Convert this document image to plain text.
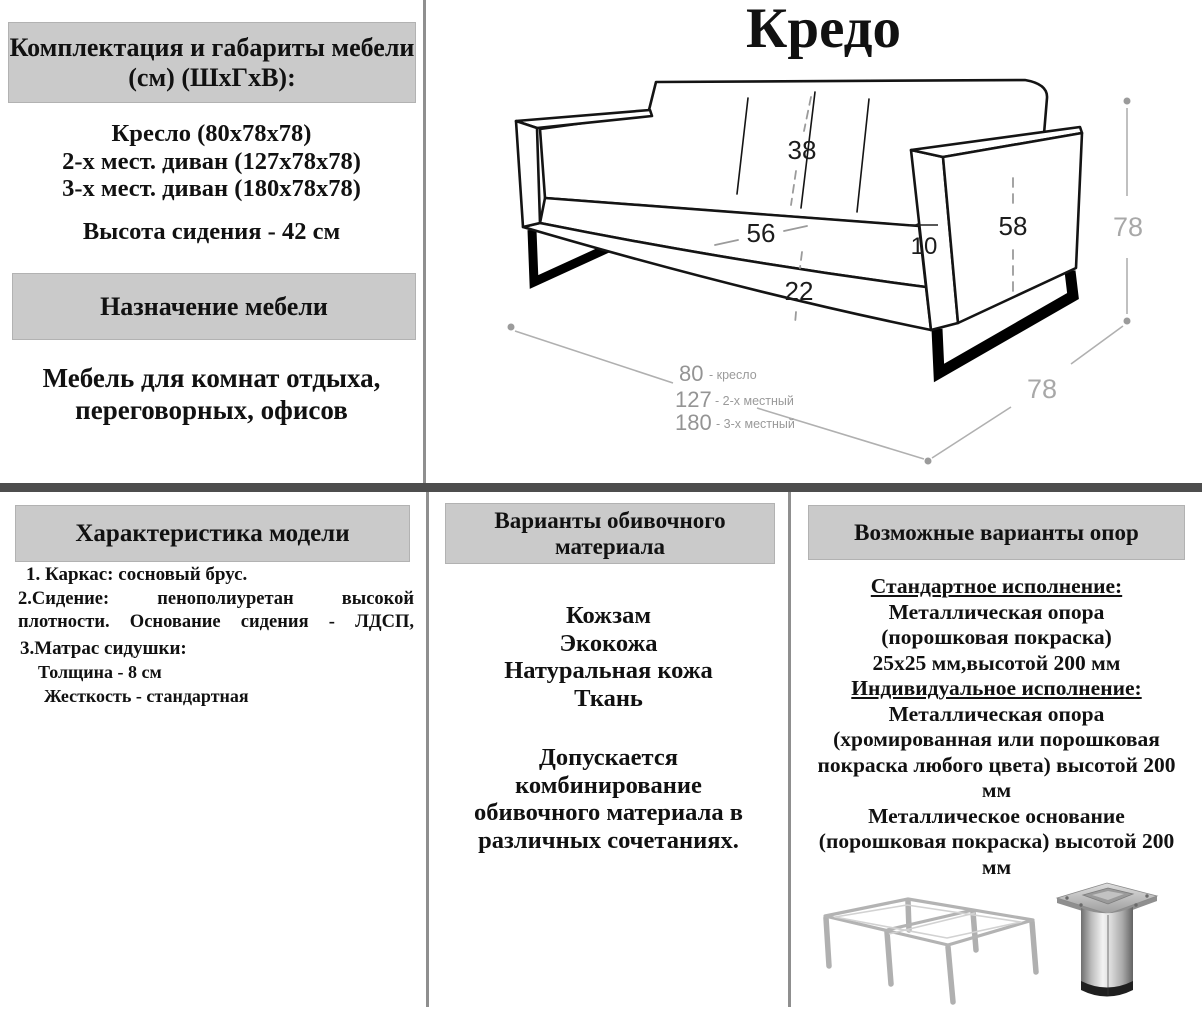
Комплектация и габариты мебели (см) (ШхГхВ):
Кресло (80х78х78)
2-х мест. диван (127х78х78)
3-х мест. диван (180х78х78)
Высота сидения - 42 см
Назначение мебели
Мебель для комнат отдыха, переговорных, офисов
Кредо
38
56
22
10
58	78
78
80 - кресло
127 - 2-х местный
180 - 3-х местный
Характеристика модели
1. Каркас: сосновый брус.
2.Сидение: пенополиуретан высокой плотности. Основание сидения - ЛДСП,
3.Матрас сидушки:
Толщина - 8 см
Жесткость - стандартная
Варианты обивочного материала
Кожзам
Экокожа
Натуральная кожа
Ткань
Допускается комбинирование обивочного материала в различных сочетаниях.
Возможные варианты опор
Стандартное исполнение:
Металлическая опора
(порошковая покраска)
25х25 мм,высотой 200 мм
Индивидуальное исполнение:
Металлическая опора (хромированная или порошковая покраска любого цвета) высотой 200 мм
Металлическое основание (порошковая покраска) высотой 200 мм
